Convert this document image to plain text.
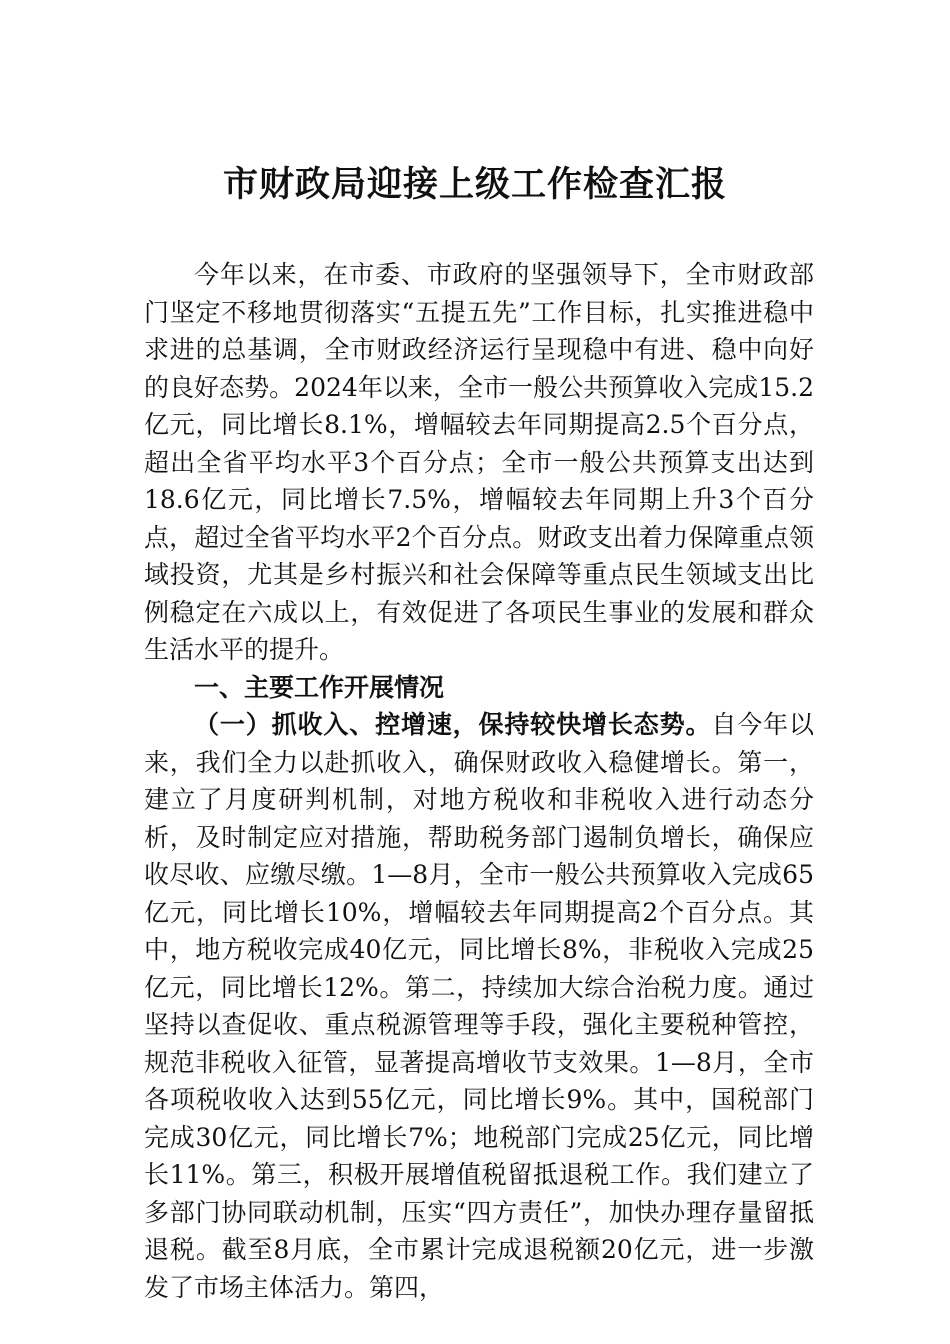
市财政局迎接上级工作检查汇报

今年以来，在市委、市政府的坚强领导下，全市财政部门坚定不移地贯彻落实“五提五先”工作目标，扎实推进稳中求进的总基调，全市财政经济运行呈现稳中有进、稳中向好的良好态势。2024年以来，全市一般公共预算收入完成15.2亿元，同比增长8.1%，增幅较去年同期提高2.5个百分点，超出全省平均水平3个百分点；全市一般公共预算支出达到18.6亿元，同比增长7.5%，增幅较去年同期上升3个百分点，超过全省平均水平2个百分点。财政支出着力保障重点领域投资，尤其是乡村振兴和社会保障等重点民生领域支出比例稳定在六成以上，有效促进了各项民生事业的发展和群众生活水平的提升。

一、主要工作开展情况

（一）抓收入、控增速，保持较快增长态势。自今年以来，我们全力以赴抓收入，确保财政收入稳健增长。第一，建立了月度研判机制，对地方税收和非税收入进行动态分析，及时制定应对措施，帮助税务部门遏制负增长，确保应收尽收、应缴尽缴。1—8月，全市一般公共预算收入完成65亿元，同比增长10%，增幅较去年同期提高2个百分点。其中，地方税收完成40亿元，同比增长8%，非税收入完成25亿元，同比增长12%。第二，持续加大综合治税力度。通过坚持以查促收、重点税源管理等手段，强化主要税种管控，规范非税收入征管，显著提高增收节支效果。1—8月，全市各项税收收入达到55亿元，同比增长9%。其中，国税部门完成30亿元，同比增长7%；地税部门完成25亿元，同比增长11%。第三，积极开展增值税留抵退税工作。我们建立了多部门协同联动机制，压实“四方责任”，加快办理存量留抵退税。截至8月底，全市累计完成退税额20亿元，进一步激发了市场主体活力。第四，
